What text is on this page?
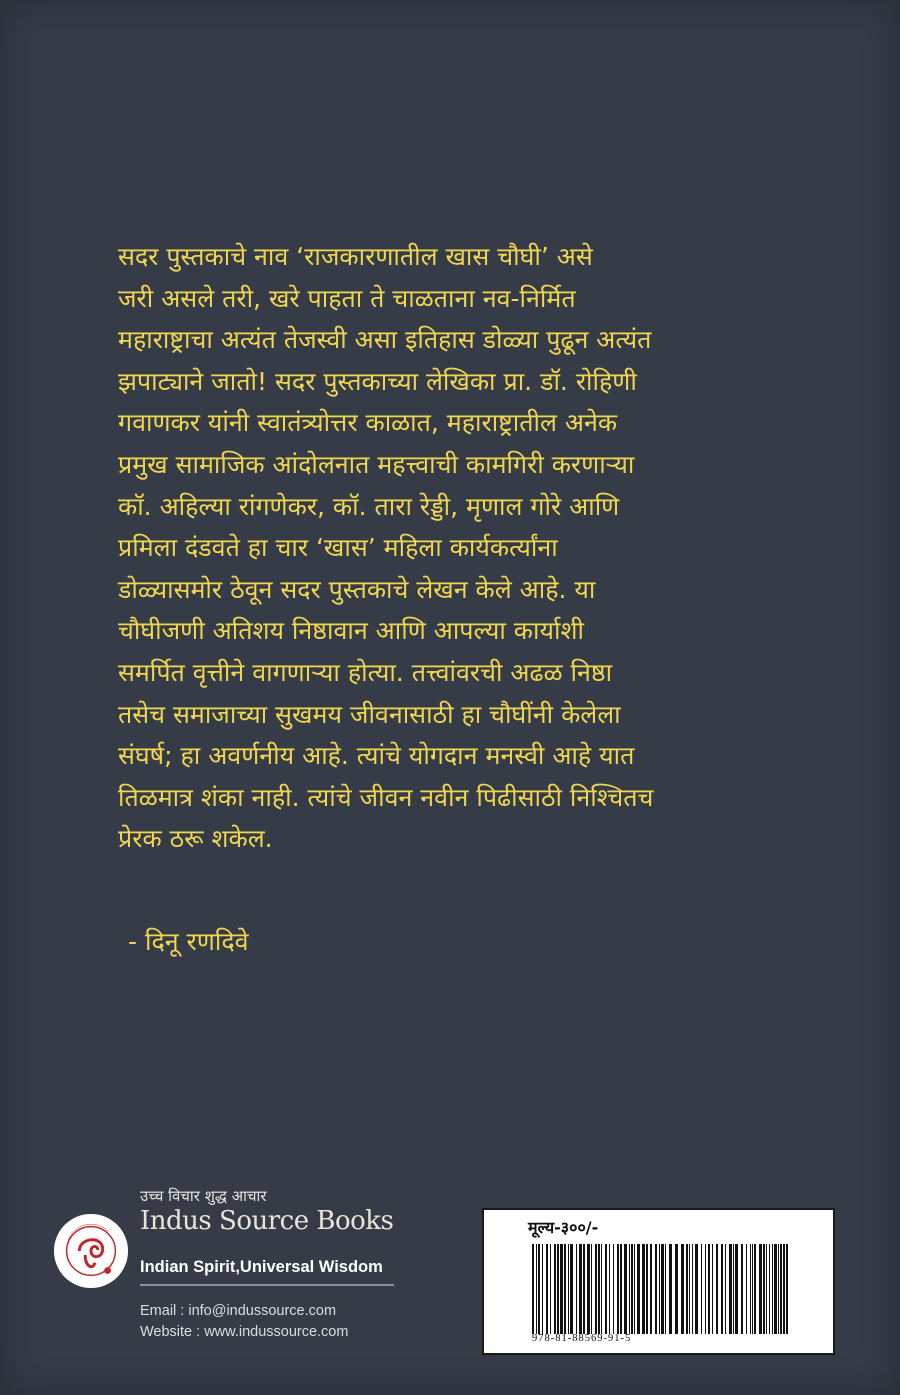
सदर पुस्तकाचे नाव ‘राजकारणातील खास चौघी’ असे
जरी असले तरी, खरे पाहता ते चाळताना नव-निर्मित
महाराष्ट्राचा अत्यंत तेजस्वी असा इतिहास डोळ्या पुढून अत्यंत
झपाट्याने जातो! सदर पुस्तकाच्या लेखिका प्रा. डॉ. रोहिणी
गवाणकर यांनी स्वातंत्र्योत्तर काळात, महाराष्ट्रातील अनेक
प्रमुख सामाजिक आंदोलनात महत्त्वाची कामगिरी करणाऱ्या
कॉ. अहिल्या रांगणेकर, कॉ. तारा रेड्डी, मृणाल गोरे आणि
प्रमिला दंडवते हा चार ‘खास’ महिला कार्यकर्त्यांना
डोळ्यासमोर ठेवून सदर पुस्तकाचे लेखन केले आहे. या
चौघीजणी अतिशय निष्ठावान आणि आपल्या कार्याशी
समर्पित वृत्तीने वागणाऱ्या होत्या. तत्त्वांवरची अढळ निष्ठा
तसेच समाजाच्या सुखमय जीवनासाठी हा चौघींनी केलेला
संघर्ष; हा अवर्णनीय आहे. त्यांचे योगदान मनस्वी आहे यात
तिळमात्र शंका नाही. त्यांचे जीवन नवीन पिढीसाठी निश्चितच
प्रेरक ठरू शकेल.
- दिनू रणदिवे
उच्च विचार शुद्ध आचार
Indus Source Books
Indian Spirit,Universal Wisdom
Email : info@indussource.com
Website : www.indussource.com
मूल्य-३००/-
978-81-88569-91-5
